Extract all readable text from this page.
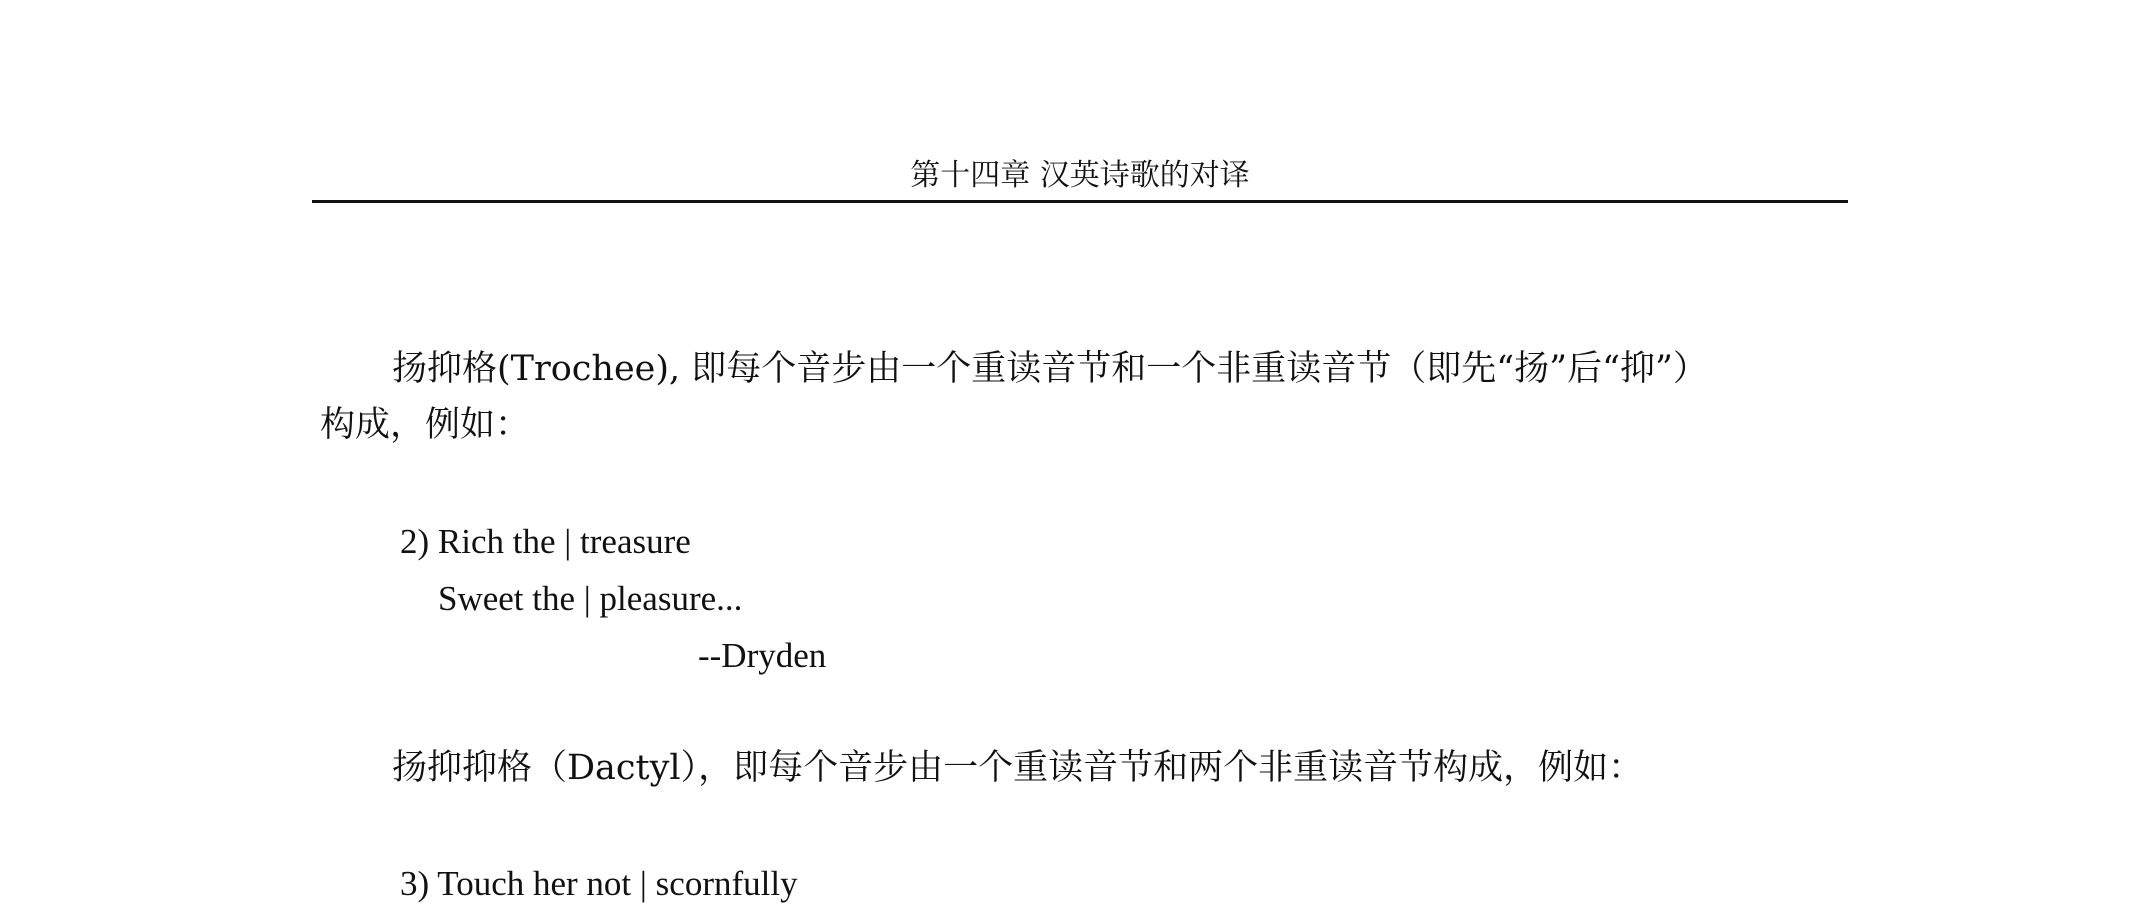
第十四章 汉英诗歌的对译
扬抑格(Trochee), 即每个音步由一个重读音节和一个非重读音节（即先“扬”后“抑”）
构成，例如：
2) Rich the | treasure
Sweet the | pleasure...
--Dryden
扬抑抑格（Dactyl），即每个音步由一个重读音节和两个非重读音节构成，例如：
3) Touch her not | scornfully
